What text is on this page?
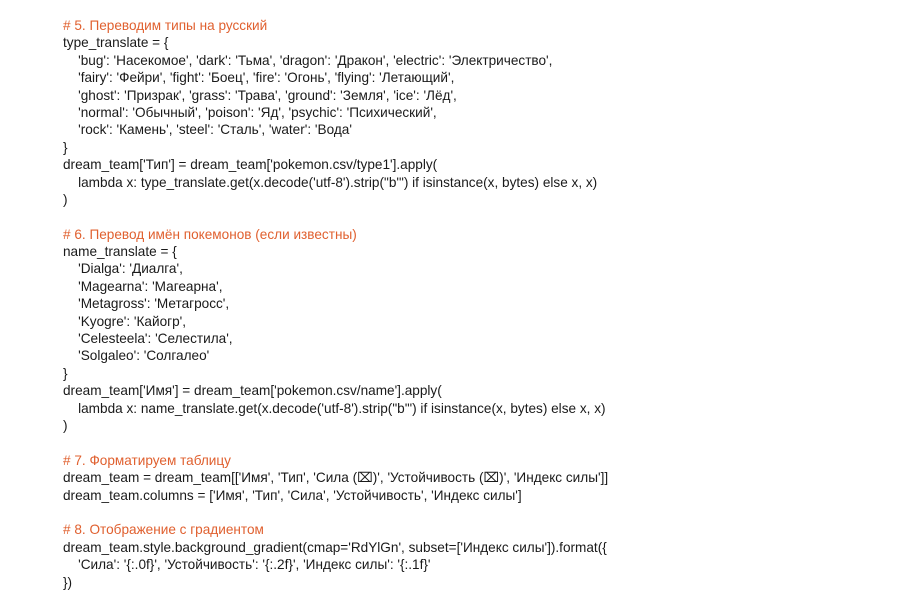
# 5. Переводим типы на русский
type_translate = {
'bug': 'Насекомое', 'dark': 'Тьма', 'dragon': 'Дракон', 'electric': 'Электричество',
'fairy': 'Фейри', 'fight': 'Боец', 'fire': 'Огонь', 'flying': 'Летающий',
'ghost': 'Призрак', 'grass': 'Трава', 'ground': 'Земля', 'ice': 'Лёд',
'normal': 'Обычный', 'poison': 'Яд', 'psychic': 'Психический',
'rock': 'Камень', 'steel': 'Сталь', 'water': 'Вода'
}
dream_team['Тип'] = dream_team['pokemon.csv/type1'].apply(
lambda x: type_translate.get(x.decode('utf-8').strip("b'") if isinstance(x, bytes) else x, x)
)
# 6. Перевод имён покемонов (если известны)
name_translate = {
'Dialga': 'Диалга',
'Magearna': 'Магеарна',
'Metagross': 'Метагросс',
'Kyogre': 'Кайогр',
'Celesteela': 'Селестила',
'Solgaleo': 'Солгалео'
}
dream_team['Имя'] = dream_team['pokemon.csv/name'].apply(
lambda x: name_translate.get(x.decode('utf-8').strip("b'") if isinstance(x, bytes) else x, x)
)
# 7. Форматируем таблицу
dream_team = dream_team[['Имя', 'Тип', 'Сила (⌧)', 'Устойчивость (⌧)', 'Индекс силы']]
dream_team.columns = ['Имя', 'Тип', 'Сила', 'Устойчивость', 'Индекс силы']
# 8. Отображение с градиентом
dream_team.style.background_gradient(cmap='RdYlGn', subset=['Индекс силы']).format({
'Сила': '{:.0f}', 'Устойчивость': '{:.2f}', 'Индекс силы': '{:.1f}'
})
